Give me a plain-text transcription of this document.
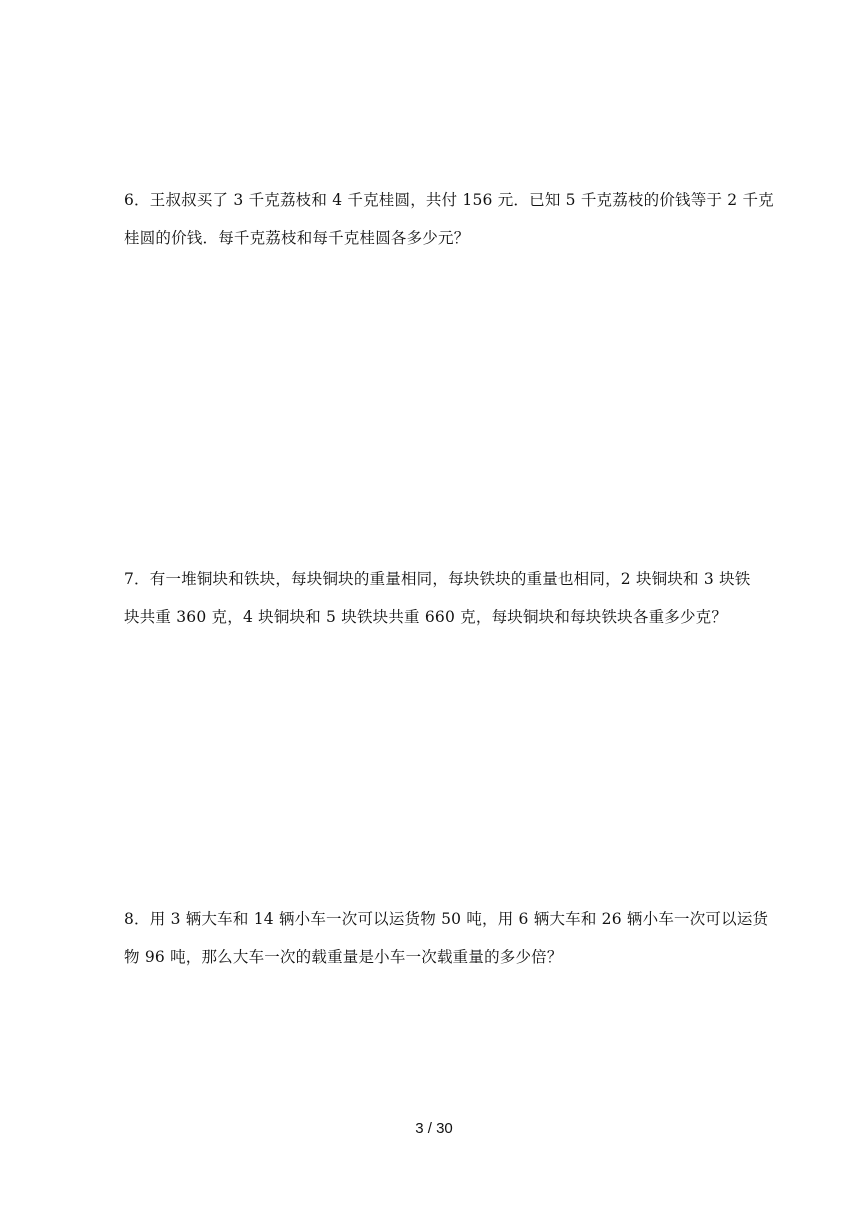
6．王叔叔买了 3 千克荔枝和 4 千克桂圆，共付 156 元．已知 5 千克荔枝的价钱等于 2 千克
桂圆的价钱．每千克荔枝和每千克桂圆各多少元？
7．有一堆铜块和铁块，每块铜块的重量相同，每块铁块的重量也相同，2 块铜块和 3 块铁
块共重 360 克，4 块铜块和 5 块铁块共重 660 克，每块铜块和每块铁块各重多少克？
8．用 3 辆大车和 14 辆小车一次可以运货物 50 吨，用 6 辆大车和 26 辆小车一次可以运货
物 96 吨，那么大车一次的载重量是小车一次载重量的多少倍？
3 / 30
